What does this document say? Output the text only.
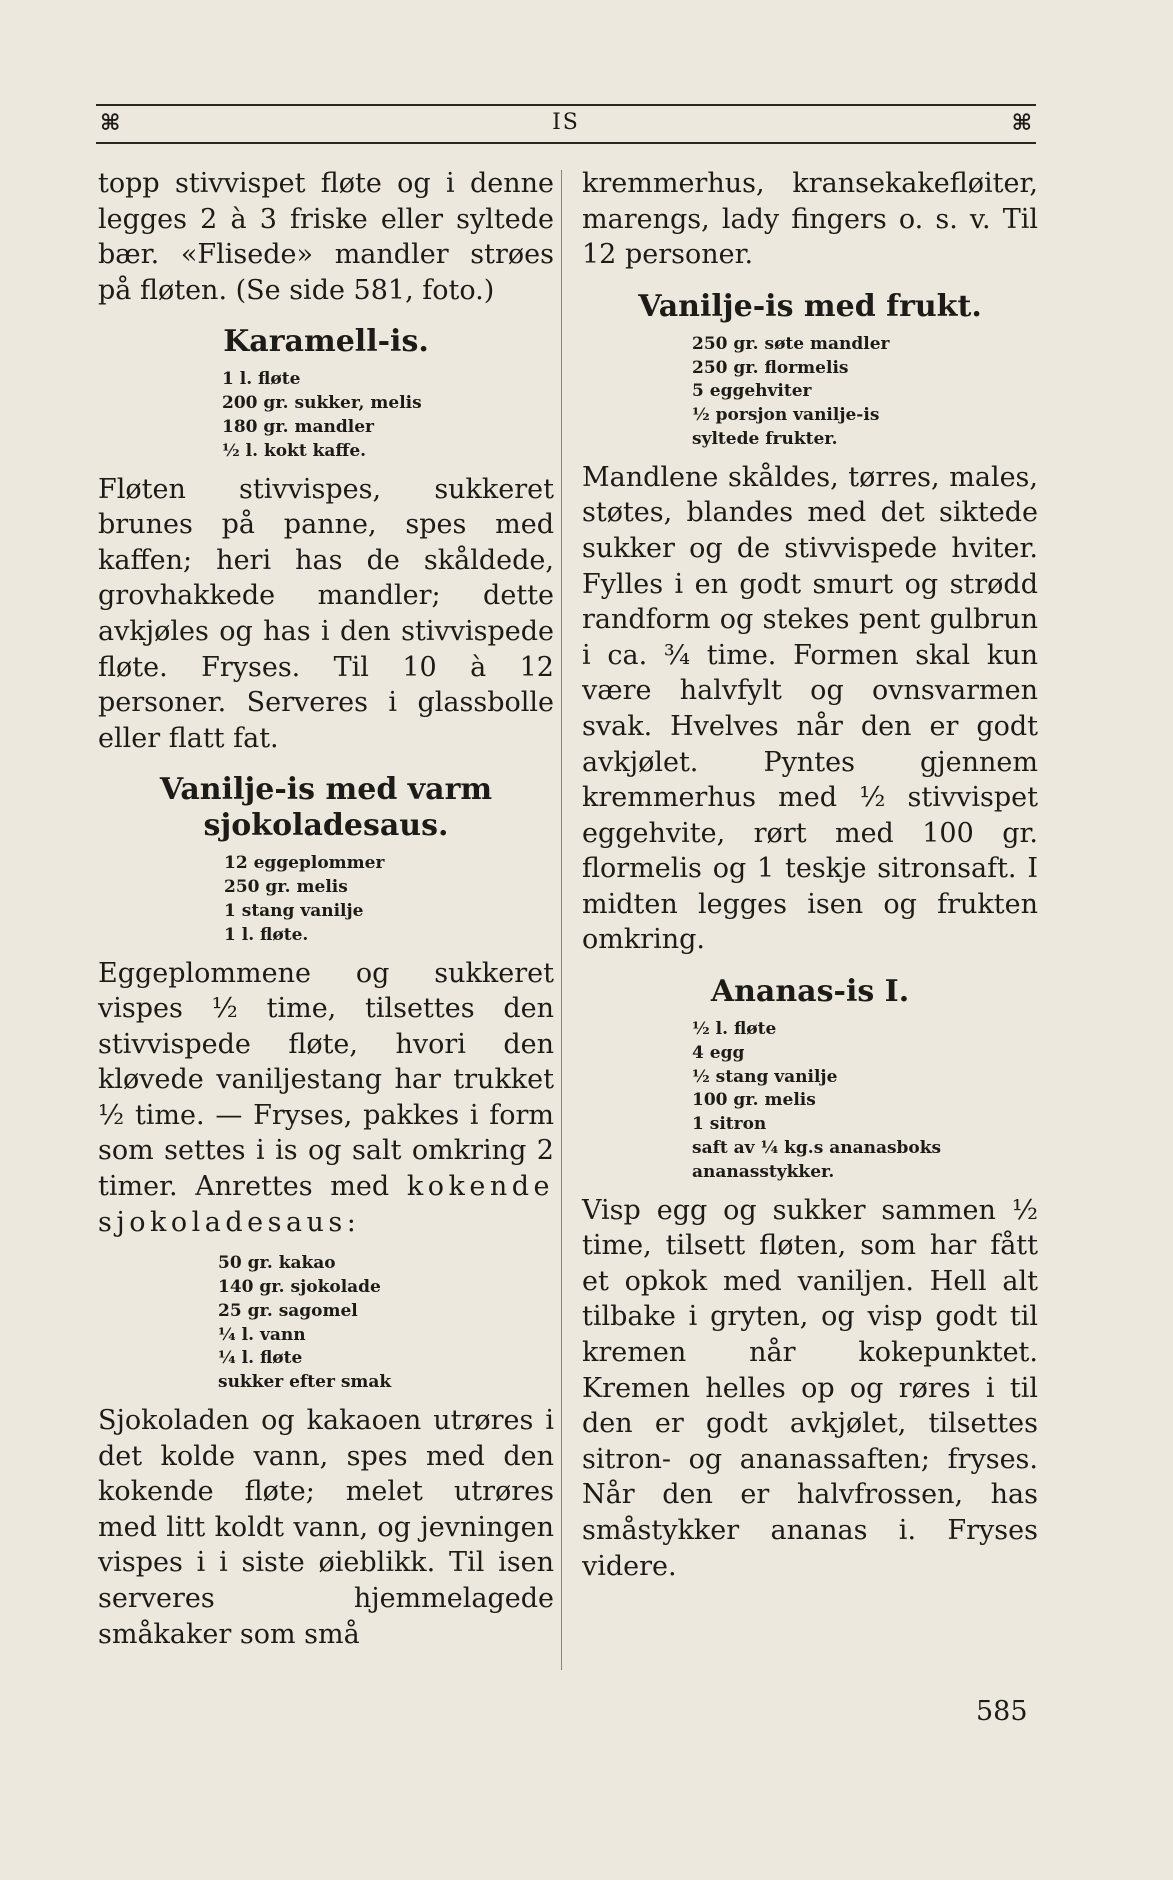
⌘	IS	⌘

topp stivvispet fløte og i denne legges 2 à 3 friske eller syltede bær. «Flisede» mandler strøes på fløten. (Se side 581, foto.)

Karamell-is.
1 l. fløte
200 gr. sukker, melis
180 gr. mandler
½ l. kokt kaffe.

Fløten stivvispes, sukkeret brunes på panne, spes med kaffen; heri has de skåldede, grovhakkede mandler; dette avkjøles og has i den stivvispede fløte. Fryses. Til 10 à 12 personer. Serveres i glassbolle eller flatt fat.

Vanilje-is med varm sjokoladesaus.
12 eggeplommer
250 gr. melis
1 stang vanilje
1 l. fløte.

Eggeplommene og sukkeret vispes ½ time, tilsettes den stivvispede fløte, hvori den kløvede vaniljestang har trukket ½ time. — Fryses, pakkes i form som settes i is og salt omkring 2 timer. Anrettes med kokende sjokoladesaus:

50 gr. kakao
140 gr. sjokolade
25 gr. sagomel
¼ l. vann
¼ l. fløte
sukker efter smak

Sjokoladen og kakaoen utrøres i det kolde vann, spes med den kokende fløte; melet utrøres med litt koldt vann, og jevningen vispes i i siste øieblikk. Til isen serveres hjemmelagede småkaker som små

kremmerhus, kransekakefløiter, marengs, lady fingers o. s. v. Til 12 personer.

Vanilje-is med frukt.
250 gr. søte mandler
250 gr. flormelis
5 eggehviter
½ porsjon vanilje-is
syltede frukter.

Mandlene skåldes, tørres, males, støtes, blandes med det siktede sukker og de stivvispede hviter. Fylles i en godt smurt og strødd randform og stekes pent gulbrun i ca. ¾ time. Formen skal kun være halvfylt og ovnsvarmen svak. Hvelves når den er godt avkjølet. Pyntes gjennem kremmerhus med ½ stivvispet eggehvite, rørt med 100 gr. flormelis og 1 teskje sitronsaft. I midten legges isen og frukten omkring.

Ananas-is I.
½ l. fløte
4 egg
½ stang vanilje
100 gr. melis
1 sitron
saft av ¼ kg.s ananasboks
ananasstykker.

Visp egg og sukker sammen ½ time, tilsett fløten, som har fått et opkok med vaniljen. Hell alt tilbake i gryten, og visp godt til kremen når kokepunktet. Kremen helles op og røres i til den er godt avkjølet, tilsettes sitron- og ananassaften; fryses. Når den er halvfrossen, has småstykker ananas i. Fryses videre.

585
